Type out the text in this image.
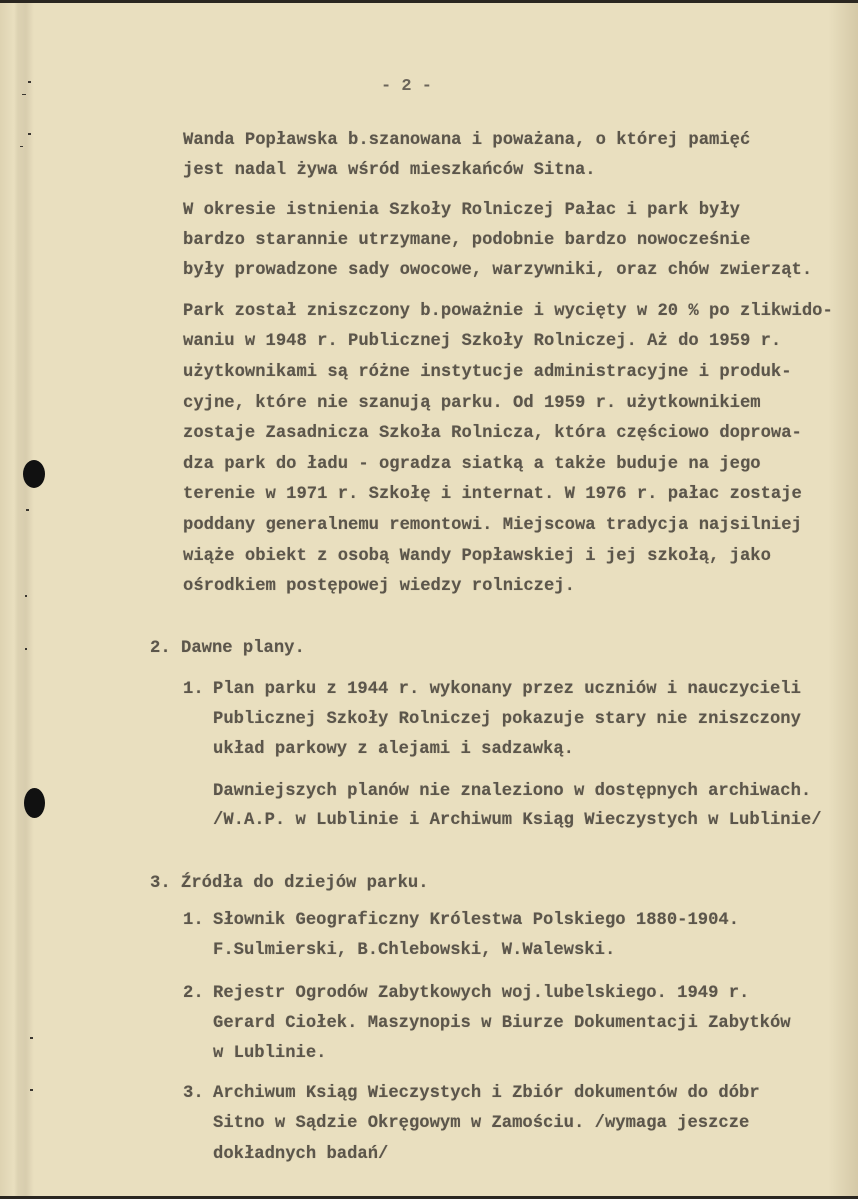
- 2 -
Wanda Popławska b.szanowana i poważana, o której pamięć
jest nadal żywa wśród mieszkańców Sitna.
W okresie istnienia Szkoły Rolniczej Pałac i park były
bardzo starannie utrzymane, podobnie bardzo nowocześnie
były prowadzone sady owocowe, warzywniki, oraz chów zwierząt.
Park został zniszczony b.poważnie i wycięty w 20 % po zlikwido-
waniu w 1948 r. Publicznej Szkoły Rolniczej. Aż do 1959 r.
użytkownikami są różne instytucje administracyjne i produk-
cyjne, które nie szanują parku. Od 1959 r. użytkownikiem
zostaje Zasadnicza Szkoła Rolnicza, która częściowo doprowa-
dza park do ładu - ogradza siatką a także buduje na jego
terenie w 1971 r. Szkołę i internat. W 1976 r. pałac zostaje
poddany generalnemu remontowi. Miejscowa tradycja najsilniej
wiąże obiekt z osobą Wandy Popławskiej i jej szkołą, jako
ośrodkiem postępowej wiedzy rolniczej.
2. Dawne plany.
1. Plan parku z 1944 r. wykonany przez uczniów i nauczycieli
Publicznej Szkoły Rolniczej pokazuje stary nie zniszczony
układ parkowy z alejami i sadzawką.
Dawniejszych planów nie znaleziono w dostępnych archiwach.
/W.A.P. w Lublinie i Archiwum Ksiąg Wieczystych w Lublinie/
3. Źródła do dziejów parku.
1. Słownik Geograficzny Królestwa Polskiego 1880-1904.
F.Sulmierski, B.Chlebowski, W.Walewski.
2. Rejestr Ogrodów Zabytkowych woj.lubelskiego. 1949 r.
Gerard Ciołek. Maszynopis w Biurze Dokumentacji Zabytków
w Lublinie.
3. Archiwum Ksiąg Wieczystych i Zbiór dokumentów do dóbr
Sitno w Sądzie Okręgowym w Zamościu. /wymaga jeszcze
dokładnych badań/
